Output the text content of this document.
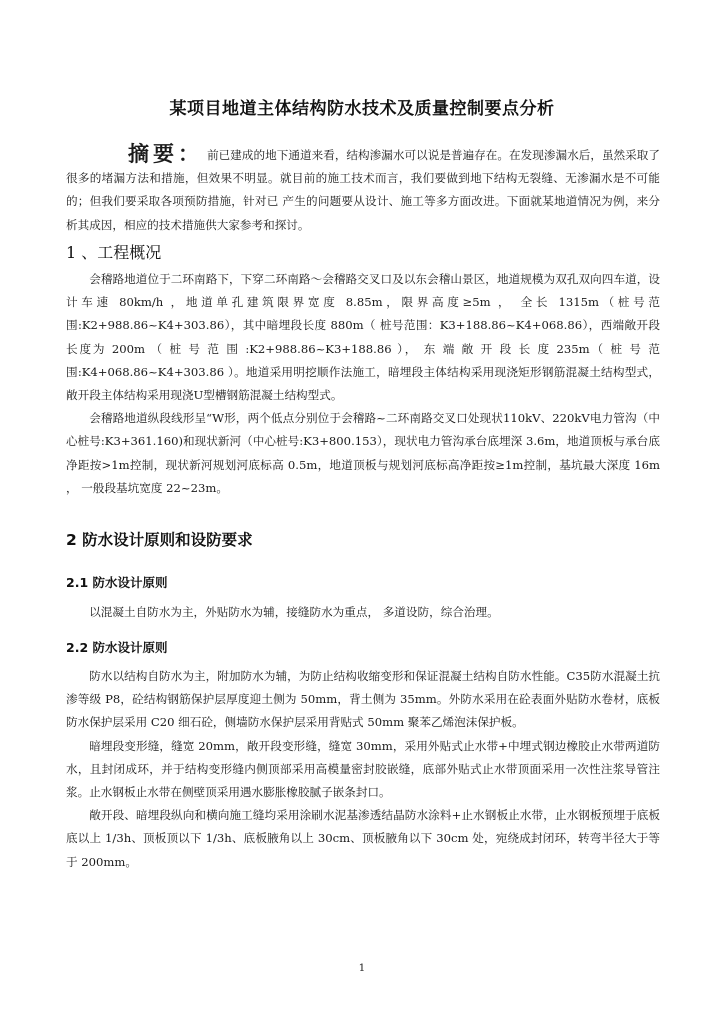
某项目地道主体结构防水技术及质量控制要点分析

摘要： 前已建成的地下通道来看，结构渗漏水可以说是普遍存在。在发现渗漏水后，虽然采取了很多的堵漏方法和措施，但效果不明显。就目前的施工技术而言，我们要做到地下结构无裂缝、无渗漏水是不可能的；但我们要采取各项预防措施，针对已 产生的问题要从设计、施工等多方面改进。下面就某地道情况为例，来分析其成因，相应的技术措施供大家参考和探讨。

1 、工程概况

会稽路地道位于二环南路下，下穿二环南路～会稽路交叉口及以东会稽山景区，地道规模为双孔双向四车道，设计车速 80km/h ，地道单孔建筑限界宽度 8.85m，限界高度≥5m ， 全长 1315m（桩号范围:K2+988.86~K4+303.86），其中暗埋段长度 880m（ 桩号范围：K3+188.86~K4+068.86），西端敞开段长度为 200m （ 桩 号 范 围 :K2+988.86~K3+188.86 ）， 东 端 敞 开 段 长 度 235m（ 桩 号 范 围:K4+068.86~K4+303.86 ）。地道采用明挖顺作法施工，暗埋段主体结构采用现浇矩形钢筋混凝土结构型式，敞开段主体结构采用现浇U型槽钢筋混凝土结构型式。

会稽路地道纵段线形呈“W形，两个低点分别位于会稽路~二环南路交叉口处现状110kV、220kV电力管沟（中心桩号:K3+361.160)和现状新河（中心桩号:K3+800.153），现状电力管沟承台底埋深 3.6m，地道顶板与承台底净距按>1m控制，现状新河规划河底标高 0.5m，地道顶板与规划河底标高净距按≥1m控制，基坑最大深度 16m ， 一般段基坑宽度 22~23m。

2 防水设计原则和设防要求
2.1 防水设计原则

以混凝土自防水为主，外贴防水为辅，接缝防水为重点， 多道设防，综合治理。

2.2 防水设计原则

防水以结构自防水为主，附加防水为辅，为防止结构收缩变形和保证混凝土结构自防水性能。C35防水混凝土抗渗等级 P8，砼结构钢筋保护层厚度迎土侧为 50mm，背土侧为 35mm。外防水采用在砼表面外贴防水卷材，底板防水保护层采用 C20 细石砼，侧墙防水保护层采用背贴式 50mm 聚苯乙烯泡沫保护板。

暗埋段变形缝，缝宽 20mm，敞开段变形缝，缝宽 30mm，采用外贴式止水带+中埋式钢边橡胶止水带两道防水，且封闭成环，并于结构变形缝内侧顶部采用高模量密封胶嵌缝，底部外贴式止水带顶面采用一次性注浆导管注浆。止水钢板止水带在侧壁顶采用遇水膨胀橡胶腻子嵌条封口。

敞开段、暗埋段纵向和横向施工缝均采用涂刷水泥基渗透结晶防水涂料+止水钢板止水带，止水钢板预埋于底板底以上 1/3h、顶板顶以下 1/3h、底板腋角以上 30cm、顶板腋角以下 30cm 处，宛绕成封闭环，转弯半径大于等于 200mm。

1
